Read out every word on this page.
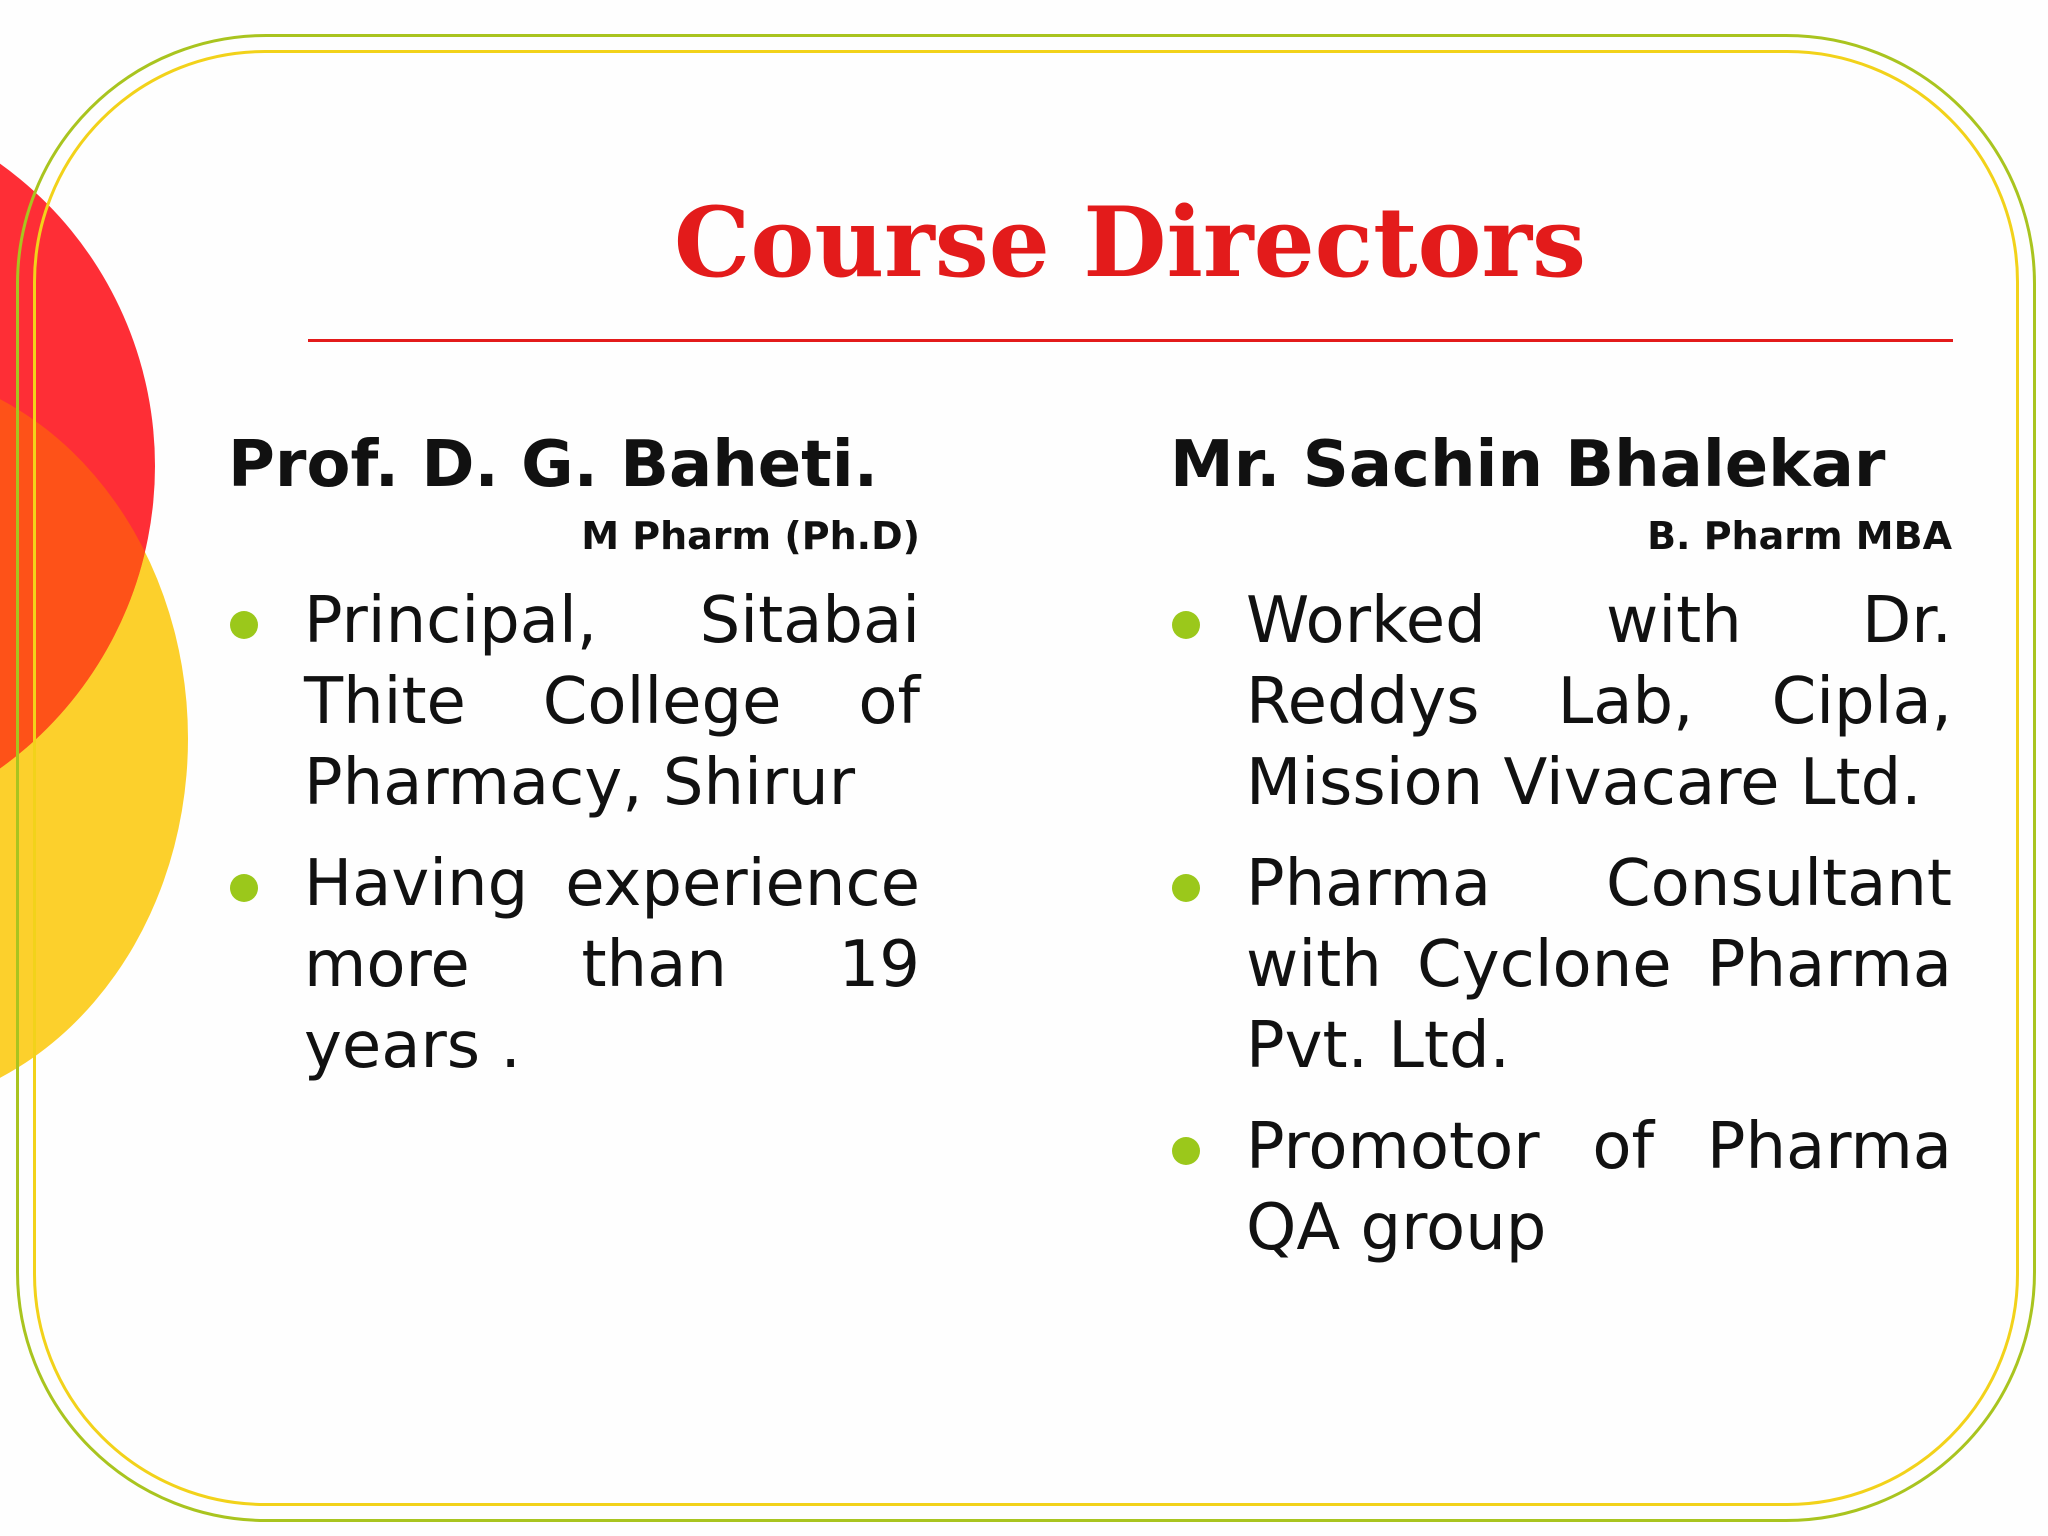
Course Directors

Prof. D. G. Baheti.

M Pharm (Ph.D)

Principal, Sitabai Thite College of Pharmacy, Shirur
Having experience more than 19 years .

Mr. Sachin Bhalekar

B. Pharm MBA

Worked with Dr. Reddys Lab, Cipla, Mission Vivacare Ltd.
Pharma Consultant with Cyclone Pharma Pvt. Ltd.
Promotor of Pharma QA group
